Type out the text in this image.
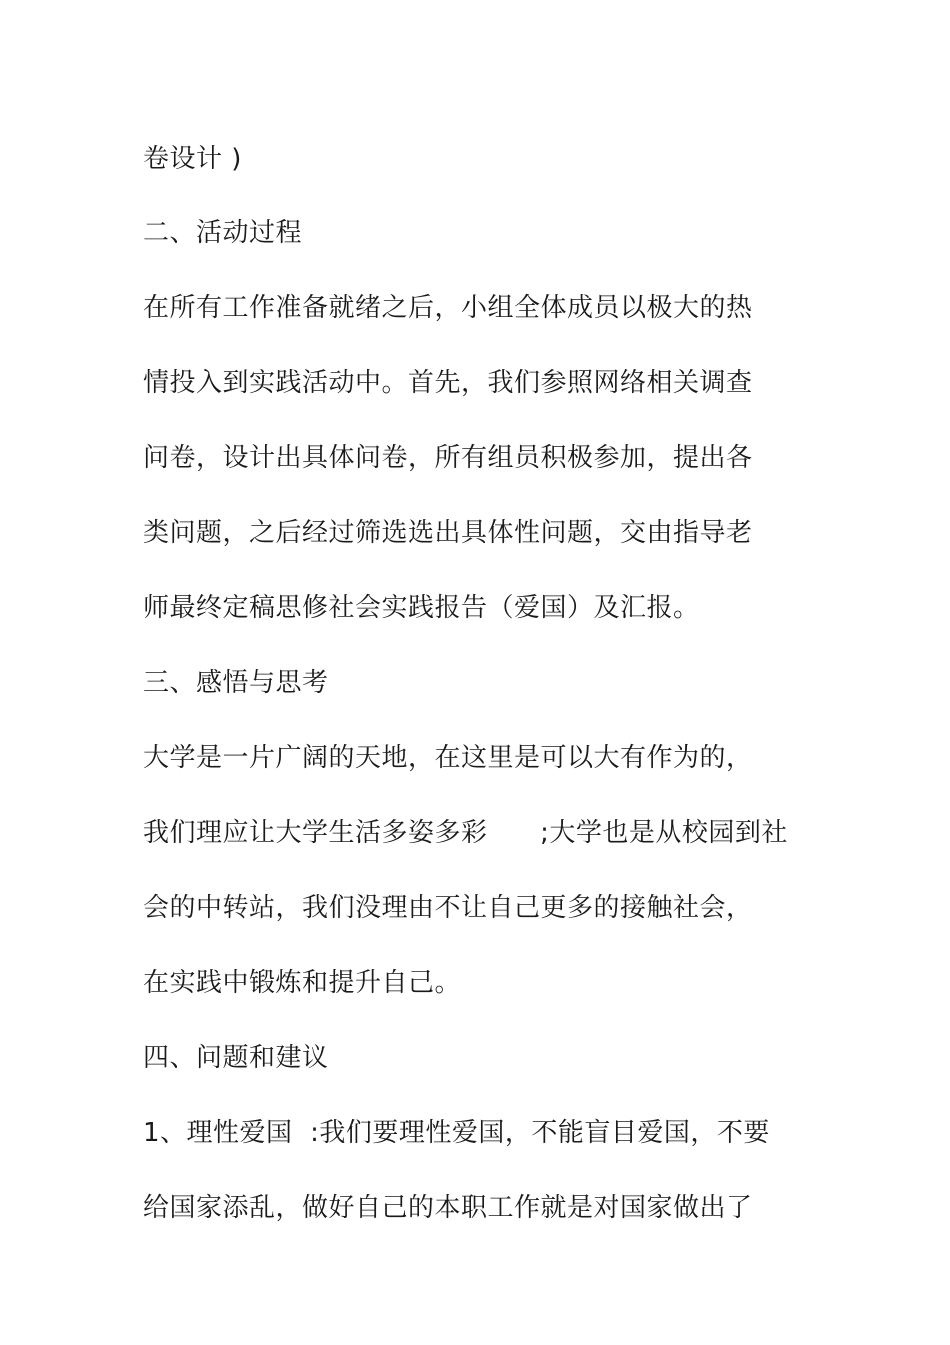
卷设计 )
二、活动过程
在所有工作准备就绪之后，小组全体成员以极大的热
情投入到实践活动中。首先，我们参照网络相关调查
问卷，设计出具体问卷，所有组员积极参加，提出各
类问题，之后经过筛选选出具体性问题，交由指导老
师最终定稿思修社会实践报告（爱国）及汇报。
三、感悟与思考
大学是一片广阔的天地，在这里是可以大有作为的，
我们理应让大学生活多姿多彩      ;大学也是从校园到社
会的中转站，我们没理由不让自己更多的接触社会，
在实践中锻炼和提升自己。
四、问题和建议
1、理性爱国  :我们要理性爱国，不能盲目爱国，不要
给国家添乱，做好自己的本职工作就是对国家做出了
